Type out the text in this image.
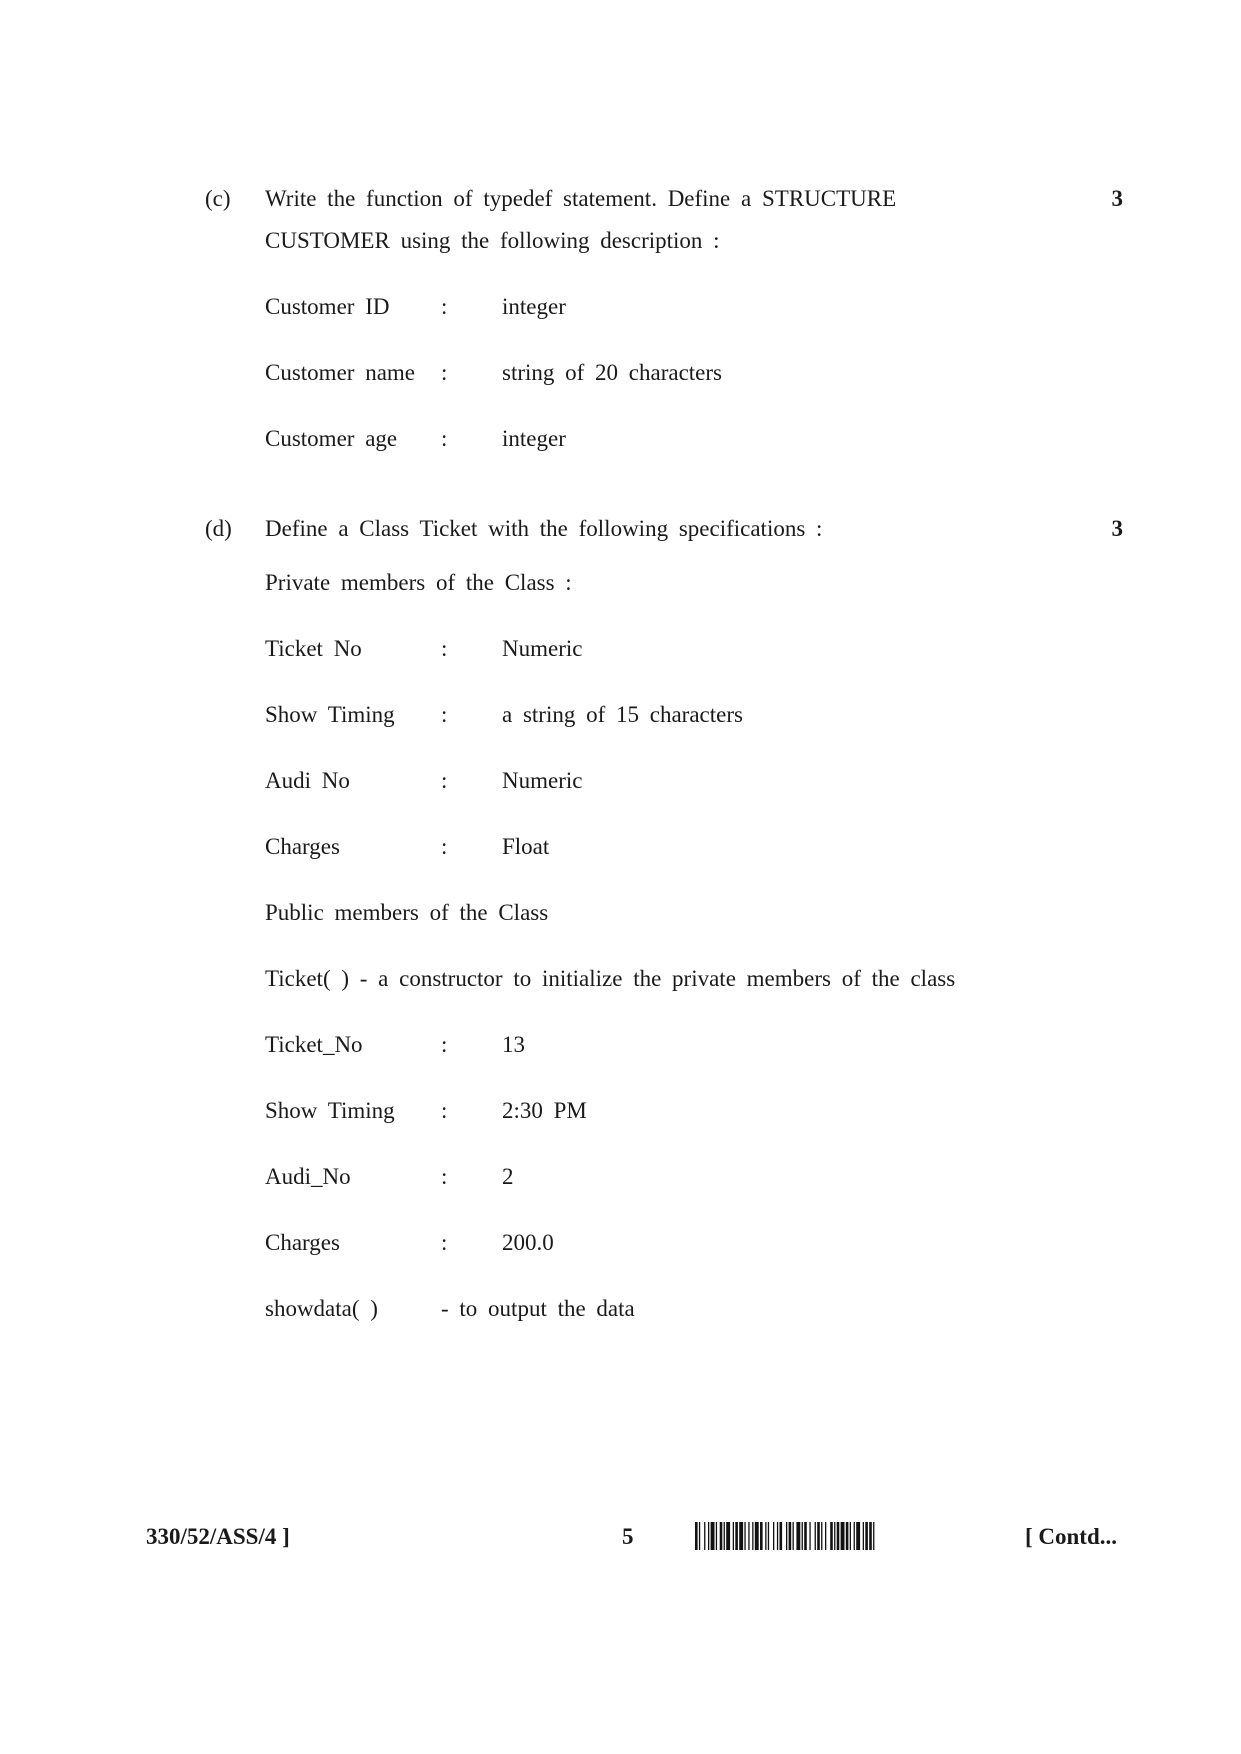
(c) Write the function of typedef statement. Define a STRUCTURE	3
CUSTOMER using the following description :
Customer ID : integer
Customer name : string of 20 characters
Customer age : integer
(d) Define a Class Ticket with the following specifications :	3
Private members of the Class :
Ticket No	: Numeric
Show Timing : a string of 15 characters
Audi No	: Numeric
Charges	: Float
Public members of the Class
Ticket( ) - a constructor to initialize the private members of the class
Ticket_No	: 13
Show Timing : 2:30 PM
Audi_No	: 2
Charges	: 200.0
showdata( )	- to output the data
330/52/ASS/4 ]	5	[ Contd...
